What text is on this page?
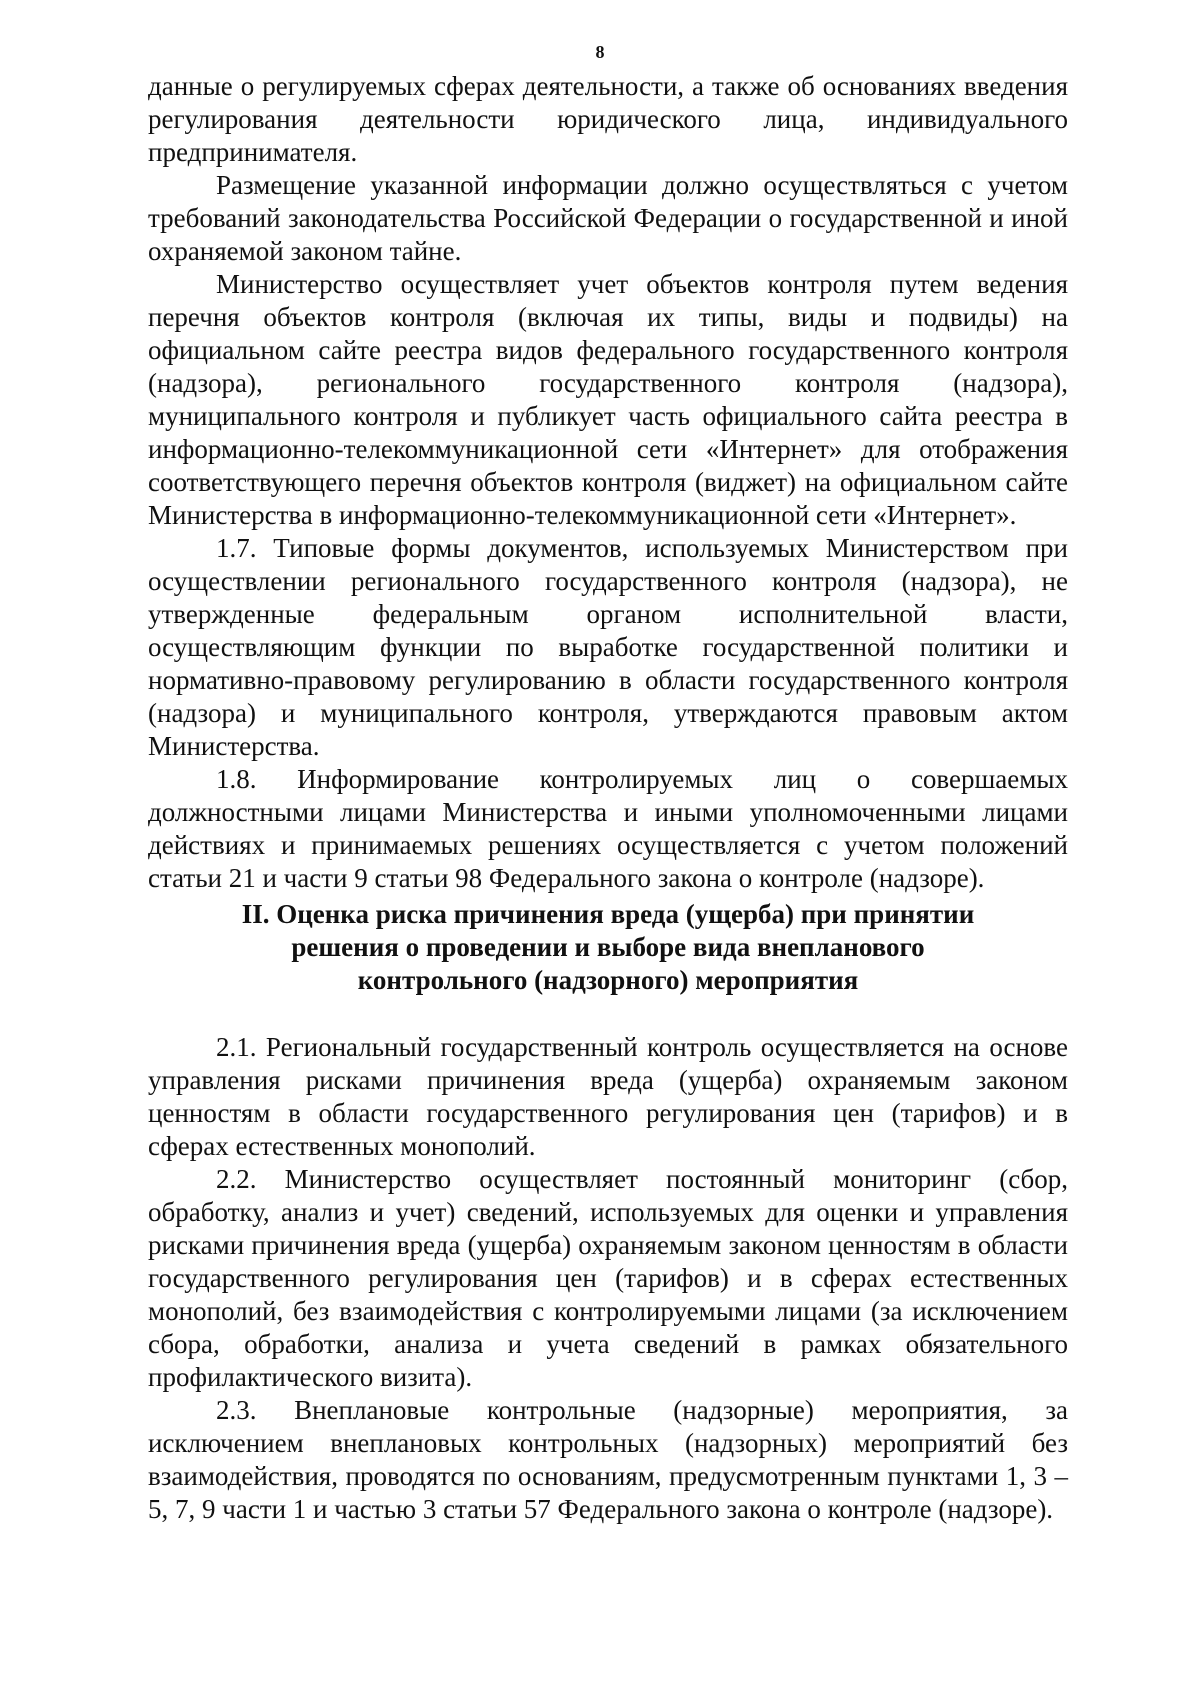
8

данные о регулируемых сферах деятельности, а также об основаниях введения регулирования деятельности юридического лица, индивидуального предпринимателя.

Размещение указанной информации должно осуществляться с учетом требований законодательства Российской Федерации о государственной и иной охраняемой законом тайне.

Министерство осуществляет учет объектов контроля путем ведения перечня объектов контроля (включая их типы, виды и подвиды) на официальном сайте реестра видов федерального государственного контроля (надзора), регионального государственного контроля (надзора), муниципального контроля и публикует часть официального сайта реестра в информационно-телекоммуникационной сети «Интернет» для отображения соответствующего перечня объектов контроля (виджет) на официальном сайте Министерства в информационно-телекоммуникационной сети «Интернет».

1.7. Типовые формы документов, используемых Министерством при осуществлении регионального государственного контроля (надзора), не утвержденные федеральным органом исполнительной власти, осуществляющим функции по выработке государственной политики и нормативно-правовому регулированию в области государственного контроля (надзора) и муниципального контроля, утверждаются правовым актом Министерства.

1.8. Информирование контролируемых лиц о совершаемых должностными лицами Министерства и иными уполномоченными лицами действиях и принимаемых решениях осуществляется с учетом положений статьи 21 и части 9 статьи 98 Федерального закона о контроле (надзоре).

II. Оценка риска причинения вреда (ущерба) при принятии
решения о проведении и выборе вида внепланового
контрольного (надзорного) мероприятия

2.1. Региональный государственный контроль осуществляется на основе управления рисками причинения вреда (ущерба) охраняемым законом ценностям в области государственного регулирования цен (тарифов) и в сферах естественных монополий.

2.2. Министерство осуществляет постоянный мониторинг (сбор, обработку, анализ и учет) сведений, используемых для оценки и управления рисками причинения вреда (ущерба) охраняемым законом ценностям в области государственного регулирования цен (тарифов) и в сферах естественных монополий, без взаимодействия с контролируемыми лицами (за исключением сбора, обработки, анализа и учета сведений в рамках обязательного профилактического визита).

2.3. Внеплановые контрольные (надзорные) мероприятия, за исключением внеплановых контрольных (надзорных) мероприятий без взаимодействия, проводятся по основаниям, предусмотренным пунктами 1, 3 – 5, 7, 9 части 1 и частью 3 статьи 57 Федерального закона о контроле (надзоре).
